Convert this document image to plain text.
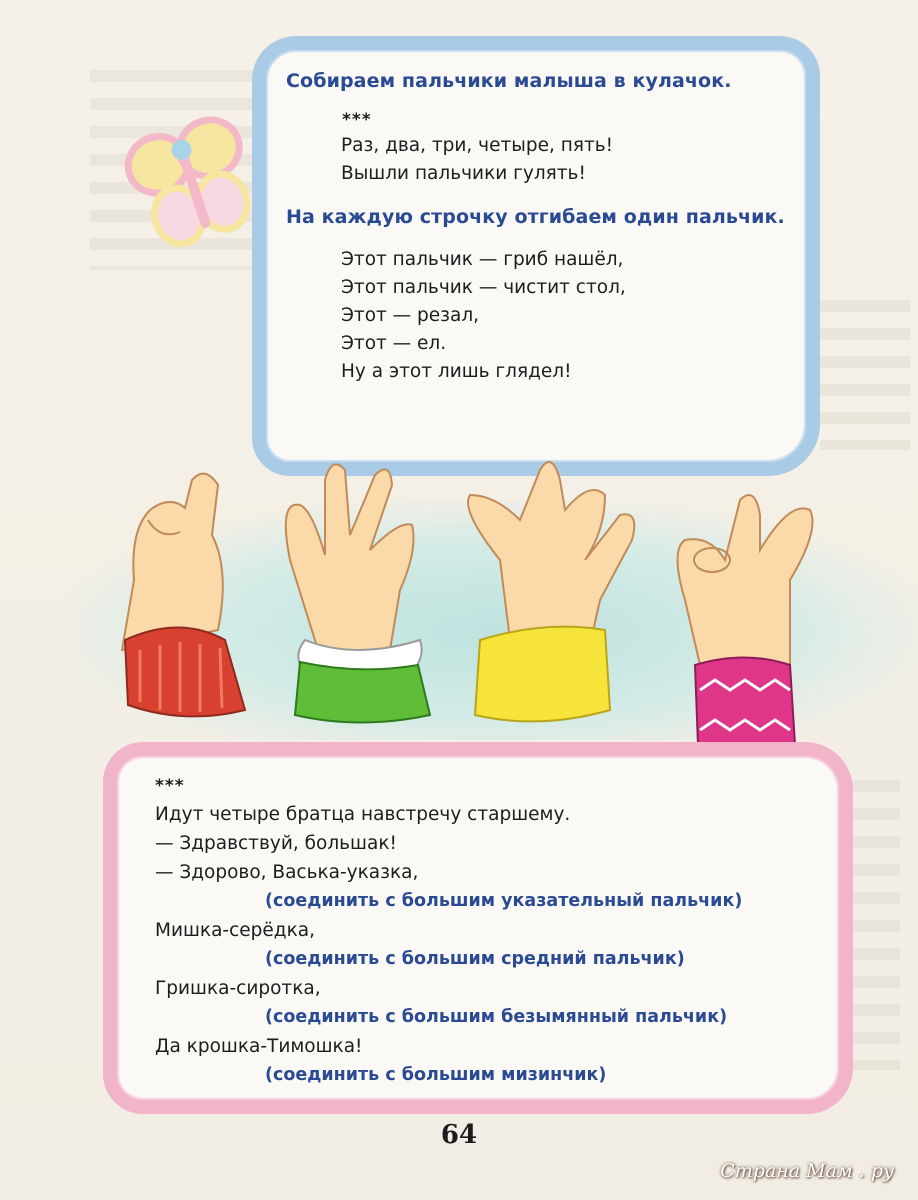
Собираем пальчики малыша в кулачок.

***

Раз, два, три, четыре, пять!

Вышли пальчики гулять!

На каждую строчку отгибаем один пальчик.

Этот пальчик — гриб нашёл,

Этот пальчик — чистит стол,

Этот — резал,

Этот — ел.

Ну а этот лишь глядел!

***

Идут четыре братца навстречу старшему.

— Здравствуй, большак!

— Здорово, Васька-указка,

(соединить с большим указательный пальчик)

Мишка-серёдка,

(соединить с большим средний пальчик)

Гришка-сиротка,

(соединить с большим безымянный пальчик)

Да крошка-Тимошка!

(соединить с большим мизинчик)

64
Страна Мам . ру
